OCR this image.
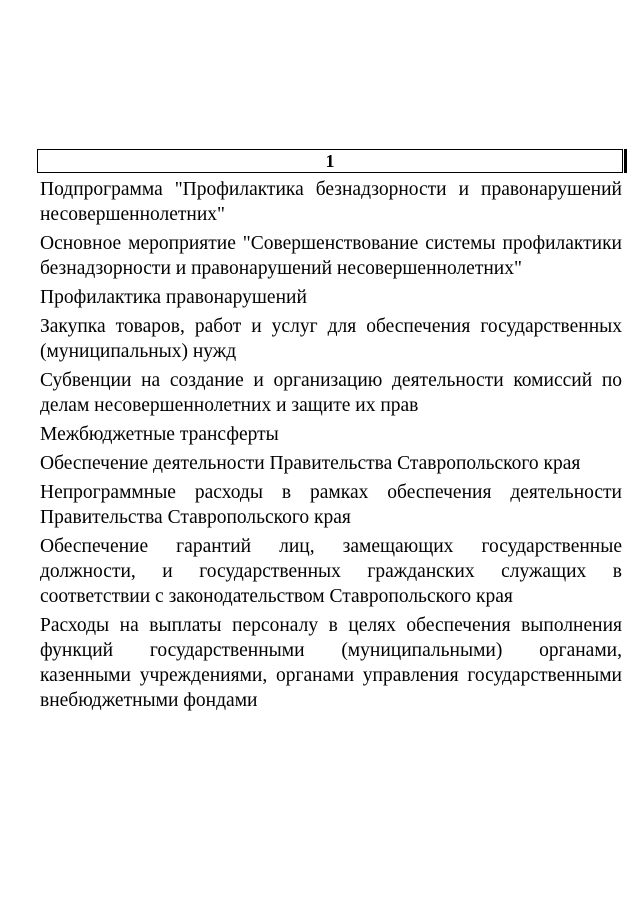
1

Подпрограмма "Профилактика безнадзорности и правонарушений несовершеннолетних"

Основное мероприятие "Совершенствование системы профилактики безнадзорности и правонарушений несовершеннолетних"

Профилактика правонарушений

Закупка товаров, работ и услуг для обеспечения государственных (муниципальных) нужд

Субвенции на создание и организацию деятельности комиссий по делам несовершеннолетних и защите их прав

Межбюджетные трансферты

Обеспечение деятельности Правительства Ставропольского края

Непрограммные расходы в рамках обеспечения деятельности Правительства Ставропольского края

Обеспечение гарантий лиц, замещающих государственные должности, и государственных гражданских служащих в соответствии с законодательством Ставропольского края

Расходы на выплаты персоналу в целях обеспечения выполнения функций государственными (муниципальными) органами, казенными учреждениями, органами управления государственными внебюджетными фондами
